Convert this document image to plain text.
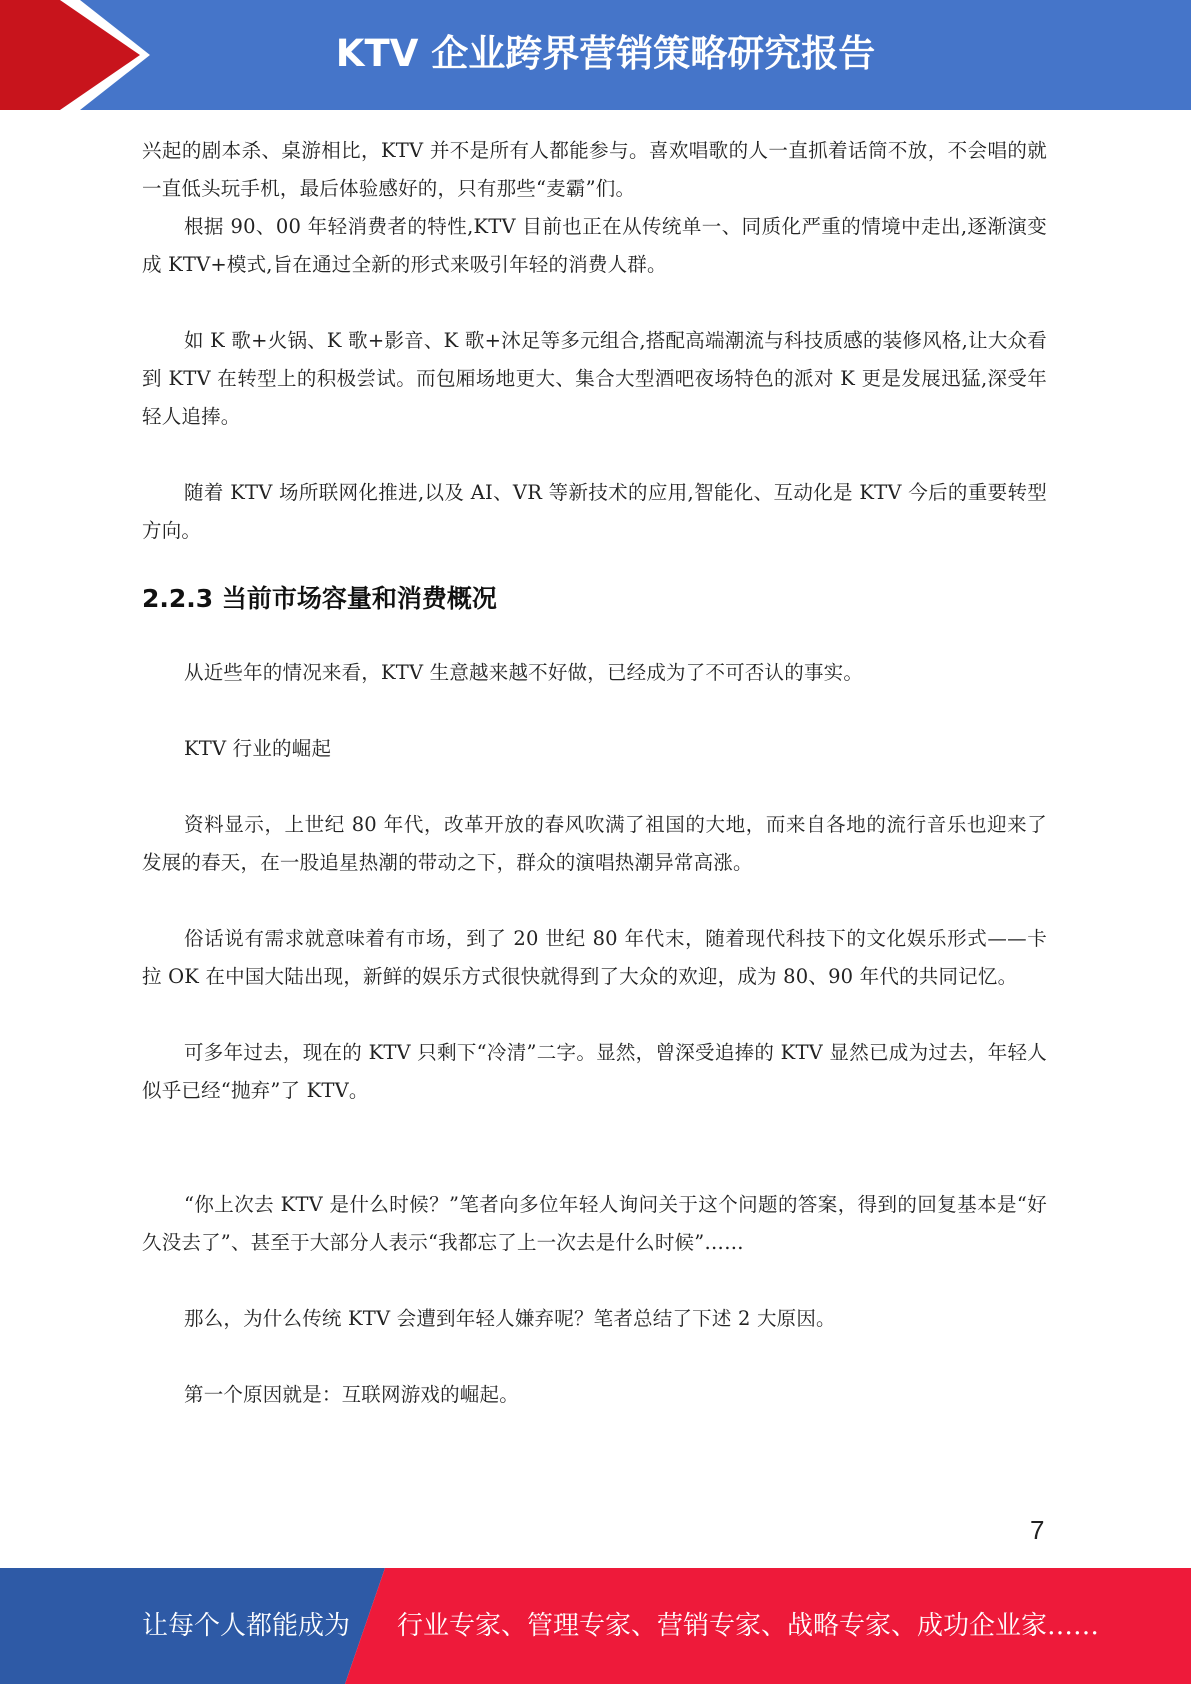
KTV 企业跨界营销策略研究报告

兴起的剧本杀、桌游相比，KTV 并不是所有人都能参与。喜欢唱歌的人一直抓着话筒不放，不会唱的就一直低头玩手机，最后体验感好的，只有那些“麦霸”们。

根据 90、00 年轻消费者的特性,KTV 目前也正在从传统单一、同质化严重的情境中走出,逐渐演变成 KTV+模式,旨在通过全新的形式来吸引年轻的消费人群。

如 K 歌+火锅、K 歌+影音、K 歌+沐足等多元组合,搭配高端潮流与科技质感的装修风格,让大众看到 KTV 在转型上的积极尝试。而包厢场地更大、集合大型酒吧夜场特色的派对 K 更是发展迅猛,深受年轻人追捧。

随着 KTV 场所联网化推进,以及 AI、VR 等新技术的应用,智能化、互动化是 KTV 今后的重要转型方向。

2.2.3 当前市场容量和消费概况

从近些年的情况来看，KTV 生意越来越不好做，已经成为了不可否认的事实。

KTV 行业的崛起

资料显示，上世纪 80 年代，改革开放的春风吹满了祖国的大地，而来自各地的流行音乐也迎来了发展的春天，在一股追星热潮的带动之下，群众的演唱热潮异常高涨。

俗话说有需求就意味着有市场，到了 20 世纪 80 年代末，随着现代科技下的文化娱乐形式——卡拉 OK 在中国大陆出现，新鲜的娱乐方式很快就得到了大众的欢迎，成为 80、90 年代的共同记忆。

可多年过去，现在的 KTV 只剩下“冷清”二字。显然，曾深受追捧的 KTV 显然已成为过去，年轻人似乎已经“抛弃”了 KTV。

“你上次去 KTV 是什么时候？”笔者向多位年轻人询问关于这个问题的答案，得到的回复基本是“好久没去了”、甚至于大部分人表示“我都忘了上一次去是什么时候”……

那么，为什么传统 KTV 会遭到年轻人嫌弃呢？笔者总结了下述 2 大原因。

第一个原因就是：互联网游戏的崛起。

7
让每个人都能成为 行业专家、管理专家、营销专家、战略专家、成功企业家……
